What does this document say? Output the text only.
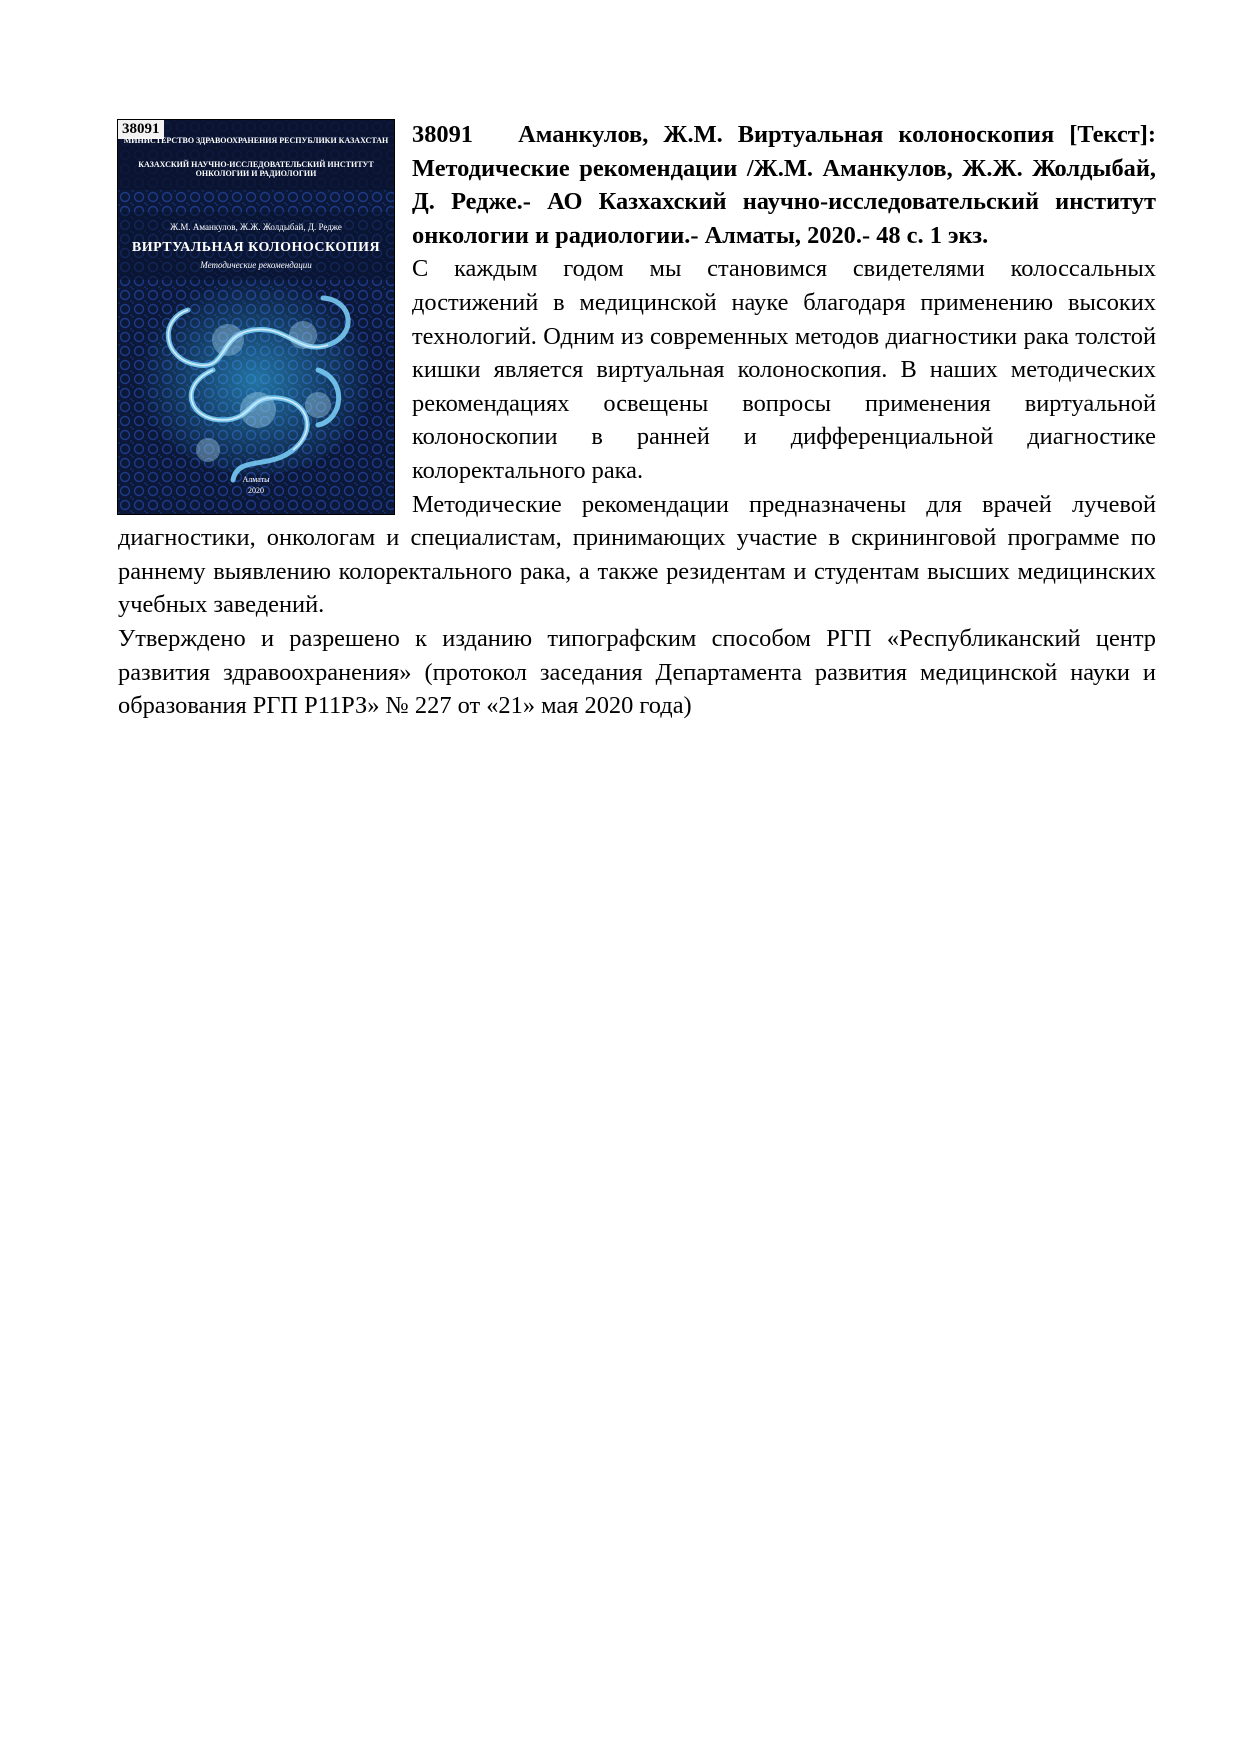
38091
МИНИСТЕРСТВО ЗДРАВООХРАНЕНИЯ РЕСПУБЛИКИ КАЗАХСТАН
КАЗАХСКИЙ НАУЧНО-ИССЛЕДОВАТЕЛЬСКИЙ ИНСТИТУТ ОНКОЛОГИИ И РАДИОЛОГИИ
Ж.М. Аманкулов, Ж.Ж. Жолдыбай, Д. Редже
ВИРТУАЛЬНАЯ КОЛОНОСКОПИЯ
Методические рекомендации
Алматы
2020

38091 Аманкулов, Ж.М. Виртуальная колоноскопия [Текст]: Методические рекомендации /Ж.М. Аманкулов, Ж.Ж. Жолдыбай, Д. Редже.- АО Казхахский научно-исследовательский институт онкологии и радиологии.- Алматы, 2020.- 48 с. 1 экз.

С каждым годом мы становимся свидетелями колоссальных достижений в медицинской науке благодаря применению высоких технологий. Одним из современных методов диагностики рака толстой кишки является виртуальная колоноскопия. В наших методических рекомендациях освещены вопросы применения виртуальной колоноскопии в ранней и дифференциальной диагностике колоректального рака.

Методические рекомендации предназначены для врачей лучевой диагностики, онкологам и специалистам, принимающих участие в скрининговой программе по раннему выявлению колоректального рака, а также резидентам и студентам высших медицинских учебных заведений.

Утверждено и разрешено к изданию типографским способом РГП «Республиканский центр развития здравоохранения» (протокол заседания Департамента развития медицинской науки и образования РГП Р11РЗ» № 227 от «21» мая 2020 года)
